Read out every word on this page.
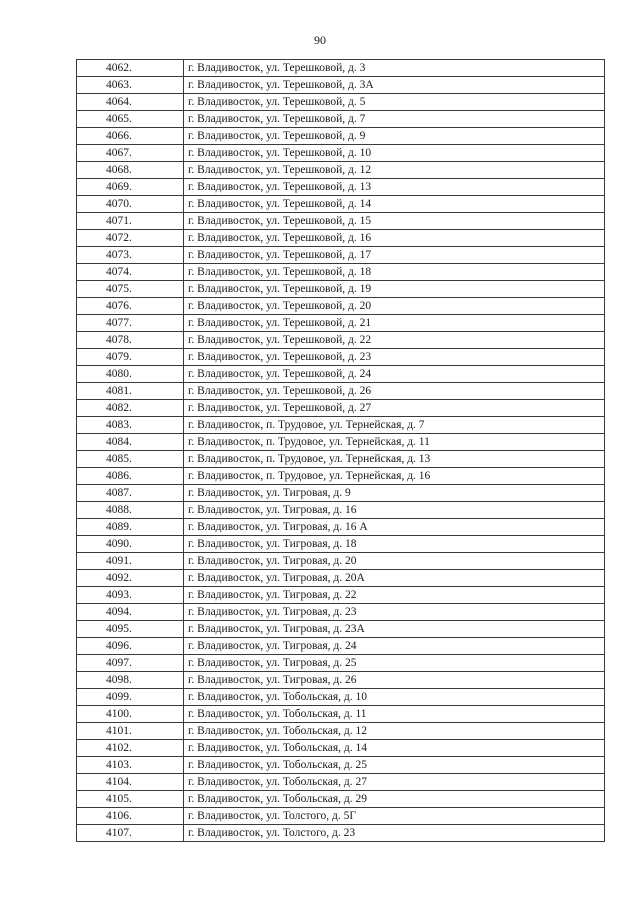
90
4062.	г. Владивосток, ул. Терешковой, д. 3
4063.	г. Владивосток, ул. Терешковой, д. 3А
4064.	г. Владивосток, ул. Терешковой, д. 5
4065.	г. Владивосток, ул. Терешковой, д. 7
4066.	г. Владивосток, ул. Терешковой, д. 9
4067.	г. Владивосток, ул. Терешковой, д. 10
4068.	г. Владивосток, ул. Терешковой, д. 12
4069.	г. Владивосток, ул. Терешковой, д. 13
4070.	г. Владивосток, ул. Терешковой, д. 14
4071.	г. Владивосток, ул. Терешковой, д. 15
4072.	г. Владивосток, ул. Терешковой, д. 16
4073.	г. Владивосток, ул. Терешковой, д. 17
4074.	г. Владивосток, ул. Терешковой, д. 18
4075.	г. Владивосток, ул. Терешковой, д. 19
4076.	г. Владивосток, ул. Терешковой, д. 20
4077.	г. Владивосток, ул. Терешковой, д. 21
4078.	г. Владивосток, ул. Терешковой, д. 22
4079.	г. Владивосток, ул. Терешковой, д. 23
4080.	г. Владивосток, ул. Терешковой, д. 24
4081.	г. Владивосток, ул. Терешковой, д. 26
4082.	г. Владивосток, ул. Терешковой, д. 27
4083.	г. Владивосток, п. Трудовое, ул. Тернейская, д. 7
4084.	г. Владивосток, п. Трудовое, ул. Тернейская, д. 11
4085.	г. Владивосток, п. Трудовое, ул. Тернейская, д. 13
4086.	г. Владивосток, п. Трудовое, ул. Тернейская, д. 16
4087.	г. Владивосток, ул. Тигровая, д. 9
4088.	г. Владивосток, ул. Тигровая, д. 16
4089.	г. Владивосток, ул. Тигровая, д. 16 А
4090.	г. Владивосток, ул. Тигровая, д. 18
4091.	г. Владивосток, ул. Тигровая, д. 20
4092.	г. Владивосток, ул. Тигровая, д. 20А
4093.	г. Владивосток, ул. Тигровая, д. 22
4094.	г. Владивосток, ул. Тигровая, д. 23
4095.	г. Владивосток, ул. Тигровая, д. 23А
4096.	г. Владивосток, ул. Тигровая, д. 24
4097.	г. Владивосток, ул. Тигровая, д. 25
4098.	г. Владивосток, ул. Тигровая, д. 26
4099.	г. Владивосток, ул. Тобольская, д. 10
4100.	г. Владивосток, ул. Тобольская, д. 11
4101.	г. Владивосток, ул. Тобольская, д. 12
4102.	г. Владивосток, ул. Тобольская, д. 14
4103.	г. Владивосток, ул. Тобольская, д. 25
4104.	г. Владивосток, ул. Тобольская, д. 27
4105.	г. Владивосток, ул. Тобольская, д. 29
4106.	г. Владивосток, ул. Толстого, д. 5Г
4107.	г. Владивосток, ул. Толстого, д. 23
